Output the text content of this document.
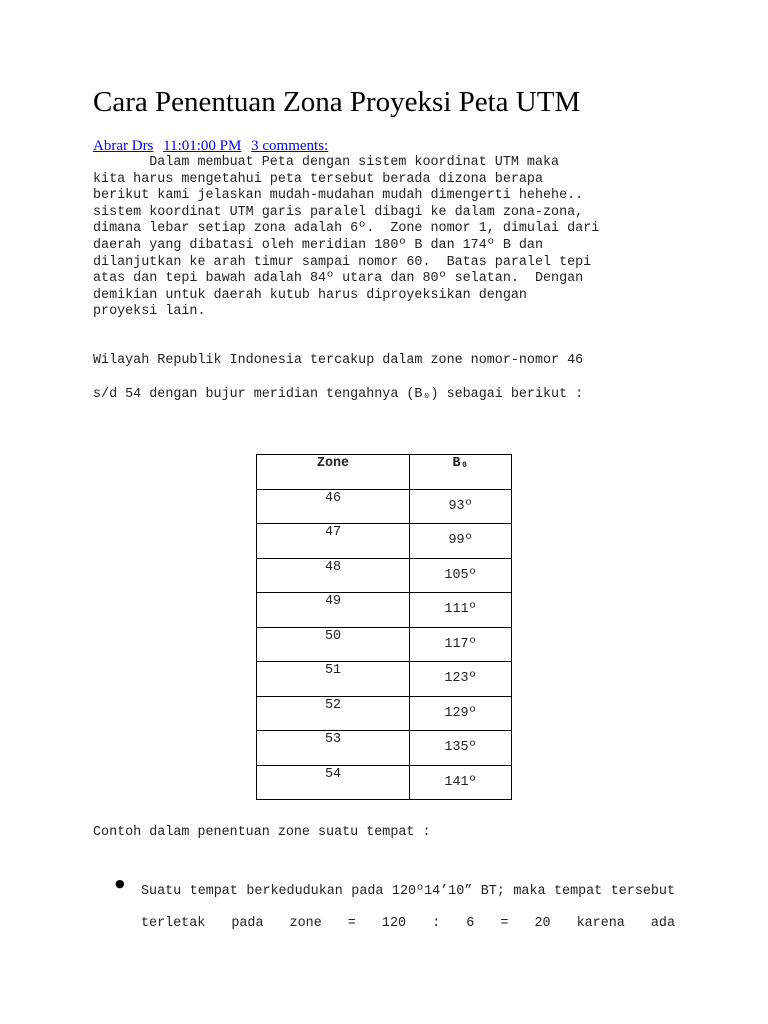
Cara Penentuan Zona Proyeksi Peta UTM
Abrar Drs 11:01:00 PM 3 comments:

Dalam membuat Peta dengan sistem koordinat UTM maka
kita harus mengetahui peta tersebut berada dizona berapa
berikut kami jelaskan mudah-mudahan mudah dimengerti hehehe..
sistem koordinat UTM garis paralel dibagi ke dalam zona-zona,
dimana lebar setiap zona adalah 6º.  Zone nomor 1, dimulai dari
daerah yang dibatasi oleh meridian 180º B dan 174º B dan
dilanjutkan ke arah timur sampai nomor 60.  Batas paralel tepi
atas dan tepi bawah adalah 84º utara dan 80º selatan.  Dengan
demikian untuk daerah kutub harus diproyeksikan dengan
proyeksi lain.

Wilayah Republik Indonesia tercakup dalam zone nomor-nomor 46

s/d 54 dengan bujur meridian tengahnya (B₀) sebagai berikut :

Zone	B₀
46	93º
47	99º
48	105º
49	111º
50	117º
51	123º
52	129º
53	135º
54	141º

Contoh dalam penentuan zone suatu tempat :

●

Suatu tempat berkedudukan pada 120º14’10” BT; maka tempat tersebut terletak pada zone = 120 : 6 = 20 karena ada
